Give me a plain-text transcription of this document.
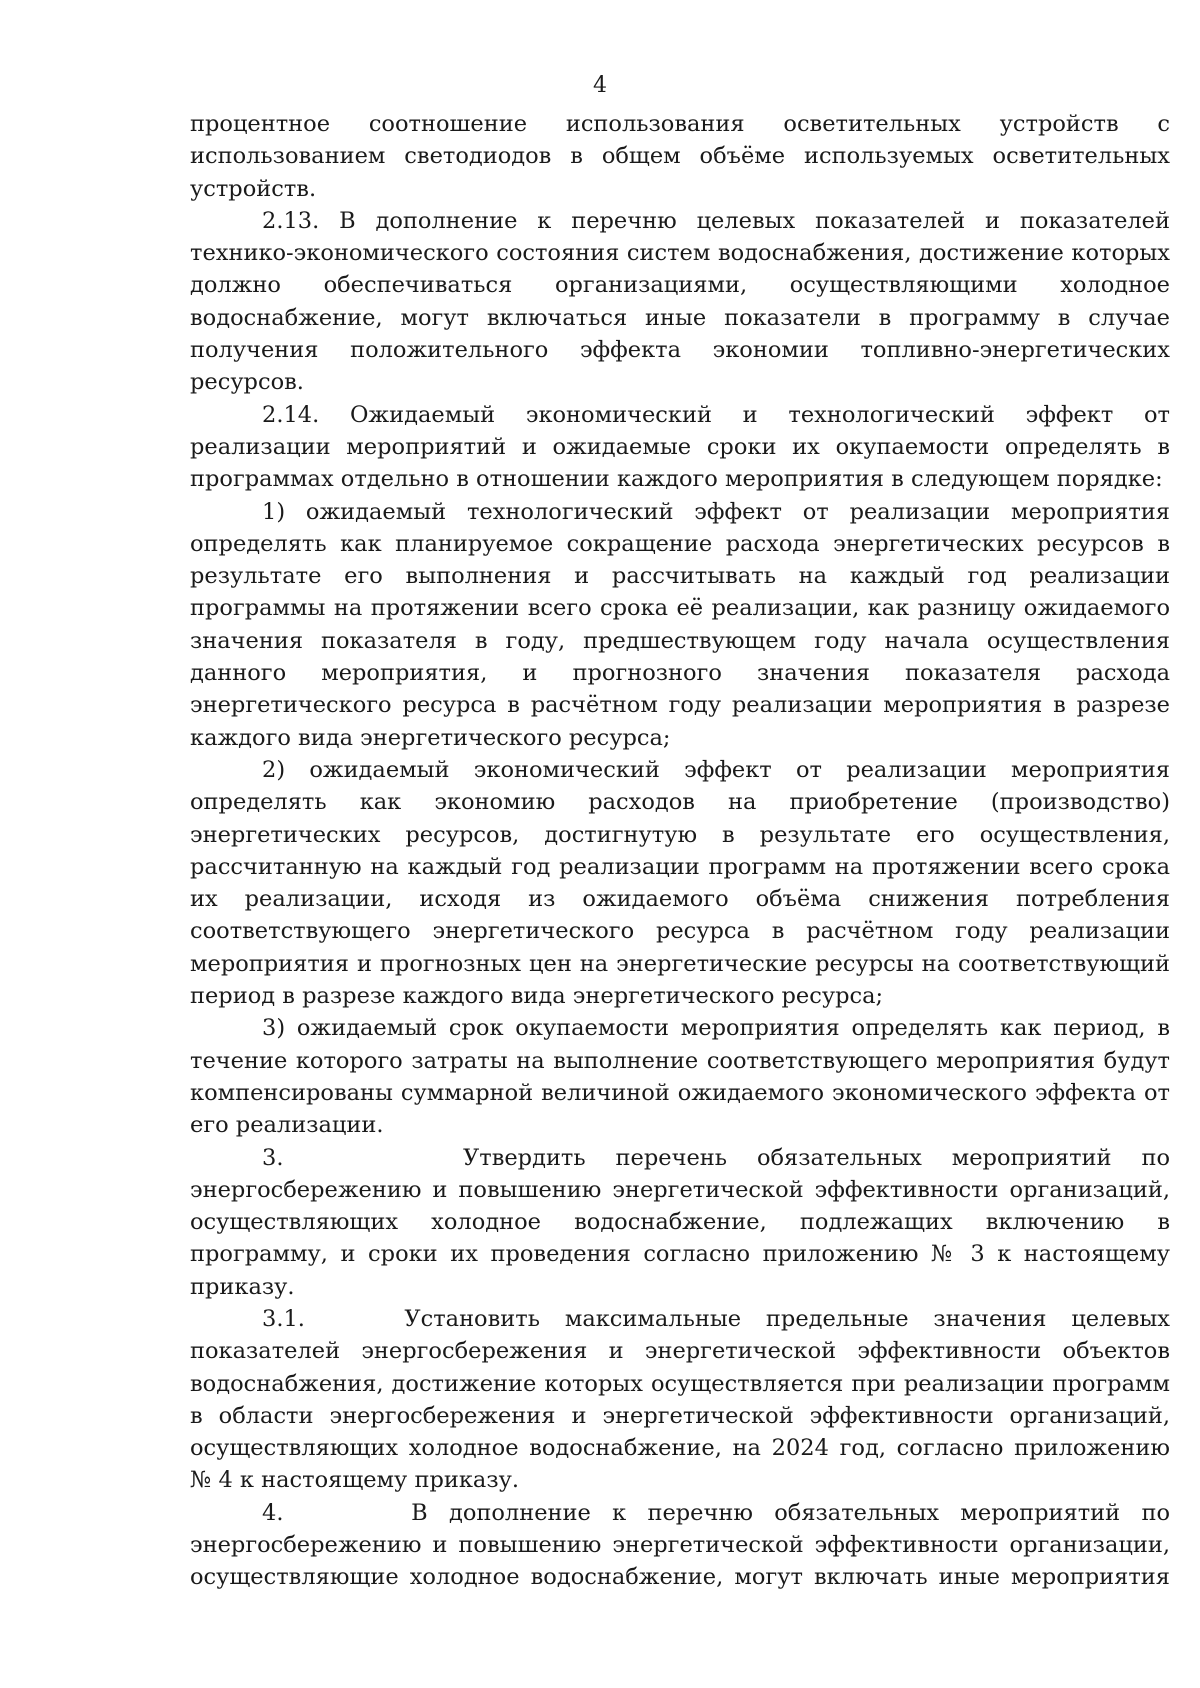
4

процентное соотношение использования осветительных устройств с использованием светодиодов в общем объёме используемых осветительных устройств.

2.13. В дополнение к перечню целевых показателей и показателей технико-экономического состояния систем водоснабжения, достижение которых должно обеспечиваться организациями, осуществляющими холодное водоснабжение, могут включаться иные показатели в программу в случае получения положительного эффекта экономии топливно-энергетических ресурсов.

2.14. Ожидаемый экономический и технологический эффект от реализации мероприятий и ожидаемые сроки их окупаемости определять в программах отдельно в отношении каждого мероприятия в следующем порядке:

1) ожидаемый технологический эффект от реализации мероприятия определять как планируемое сокращение расхода энергетических ресурсов в результате его выполнения и рассчитывать на каждый год реализации программы на протяжении всего срока её реализации, как разницу ожидаемого значения показателя в году, предшествующем году начала осуществления данного мероприятия, и прогнозного значения показателя расхода энергетического ресурса в расчётном году реализации мероприятия в разрезе каждого вида энергетического ресурса;

2) ожидаемый экономический эффект от реализации мероприятия определять как экономию расходов на приобретение (производство) энергетических ресурсов, достигнутую в результате его осуществления, рассчитанную на каждый год реализации программ на протяжении всего срока их реализации, исходя из ожидаемого объёма снижения потребления соответствующего энергетического ресурса в расчётном году реализации мероприятия и прогнозных цен на энергетические ресурсы на соответствующий период в разрезе каждого вида энергетического ресурса;

3) ожидаемый срок окупаемости мероприятия определять как период, в течение которого затраты на выполнение соответствующего мероприятия будут компенсированы суммарной величиной ожидаемого экономического эффекта от его реализации.

3.      Утвердить перечень обязательных мероприятий по энергосбережению и повышению энергетической эффективности организаций, осуществляющих холодное водоснабжение, подлежащих включению в программу, и сроки их проведения согласно приложению № 3 к настоящему приказу.

3.1.    Установить максимальные предельные значения целевых показателей энергосбережения и энергетической эффективности объектов водоснабжения, достижение которых осуществляется при реализации программ в области энергосбережения и энергетической эффективности организаций, осуществляющих холодное водоснабжение, на 2024 год, согласно приложению № 4 к настоящему приказу.

4.      В дополнение к перечню обязательных мероприятий по энергосбережению и повышению энергетической эффективности организации, осуществляющие холодное водоснабжение, могут включать иные мероприятия
